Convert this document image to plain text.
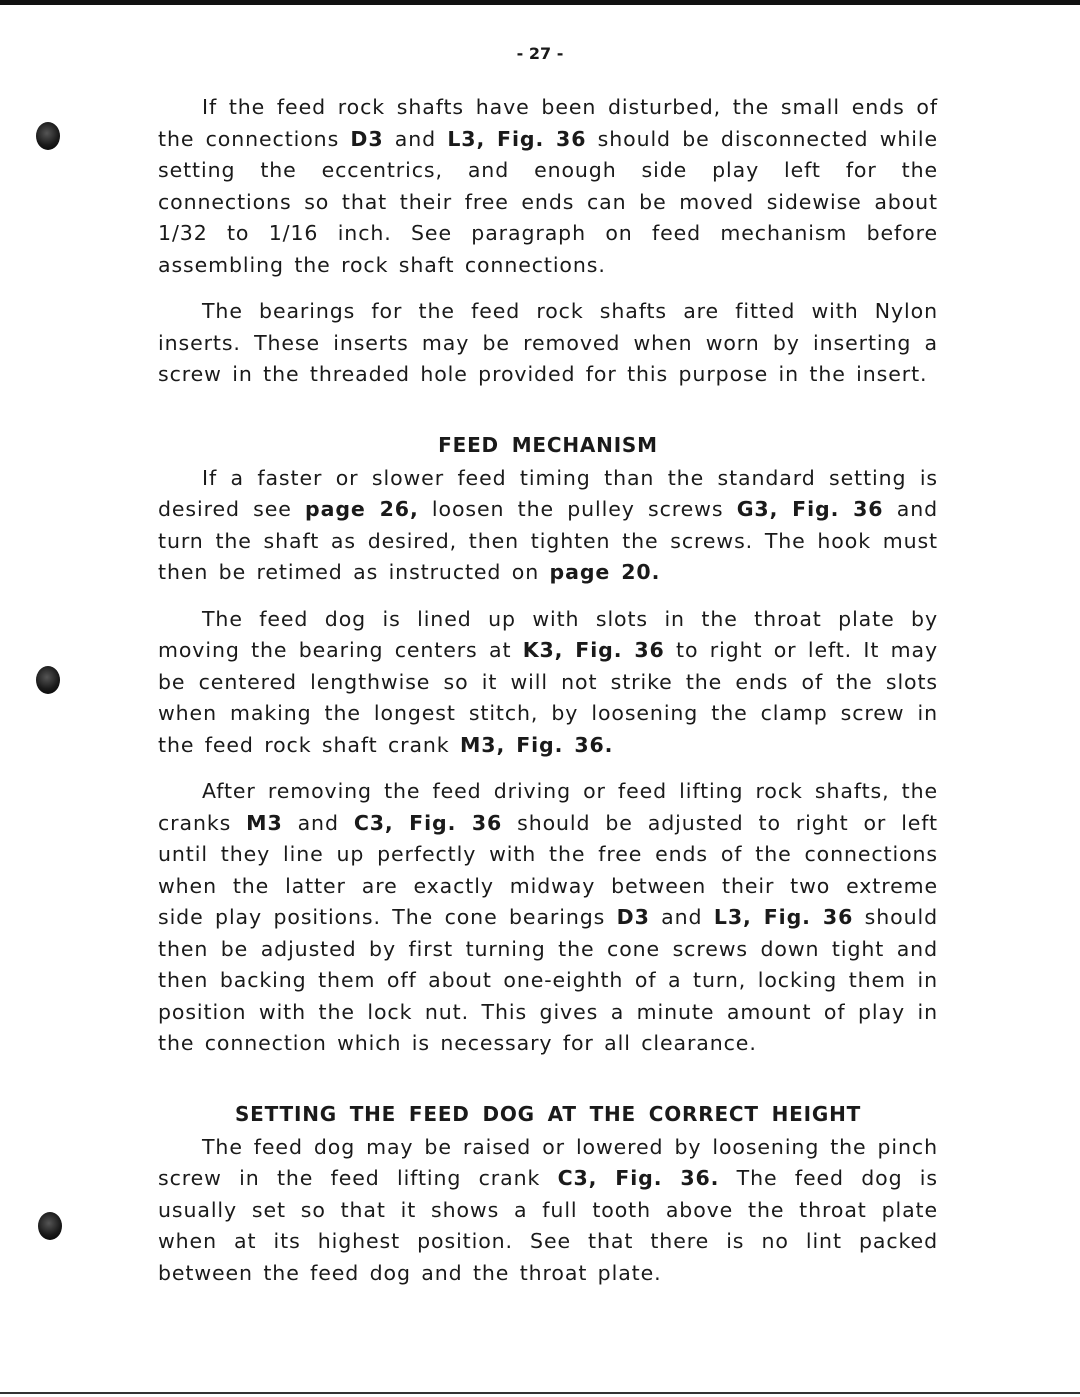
- 27 -

If the feed rock shafts have been disturbed, the small ends of the connections D3 and L3, Fig. 36 should be disconnected while setting the eccentrics, and enough side play left for the connections so that their free ends can be moved sidewise about 1/32 to 1/16 inch. See paragraph on feed mechanism before assembling the rock shaft connections.

The bearings for the feed rock shafts are fitted with Nylon inserts. These inserts may be removed when worn by inserting a screw in the threaded hole provided for this purpose in the insert.

FEED MECHANISM

If a faster or slower feed timing than the standard setting is desired see page 26, loosen the pulley screws G3, Fig. 36 and turn the shaft as desired, then tighten the screws. The hook must then be retimed as instructed on page 20.

The feed dog is lined up with slots in the throat plate by moving the bearing centers at K3, Fig. 36 to right or left. It may be centered lengthwise so it will not strike the ends of the slots when making the longest stitch, by loosening the clamp screw in the feed rock shaft crank M3, Fig. 36.

After removing the feed driving or feed lifting rock shafts, the cranks M3 and C3, Fig. 36 should be adjusted to right or left until they line up perfectly with the free ends of the connections when the latter are exactly midway between their two extreme side play positions. The cone bearings D3 and L3, Fig. 36 should then be adjusted by first turning the cone screws down tight and then backing them off about one-eighth of a turn, locking them in position with the lock nut. This gives a minute amount of play in the connection which is necessary for all clearance.

SETTING THE FEED DOG AT THE CORRECT HEIGHT

The feed dog may be raised or lowered by loosening the pinch screw in the feed lifting crank C3, Fig. 36. The feed dog is usually set so that it shows a full tooth above the throat plate when at its highest position. See that there is no lint packed between the feed dog and the throat plate.
